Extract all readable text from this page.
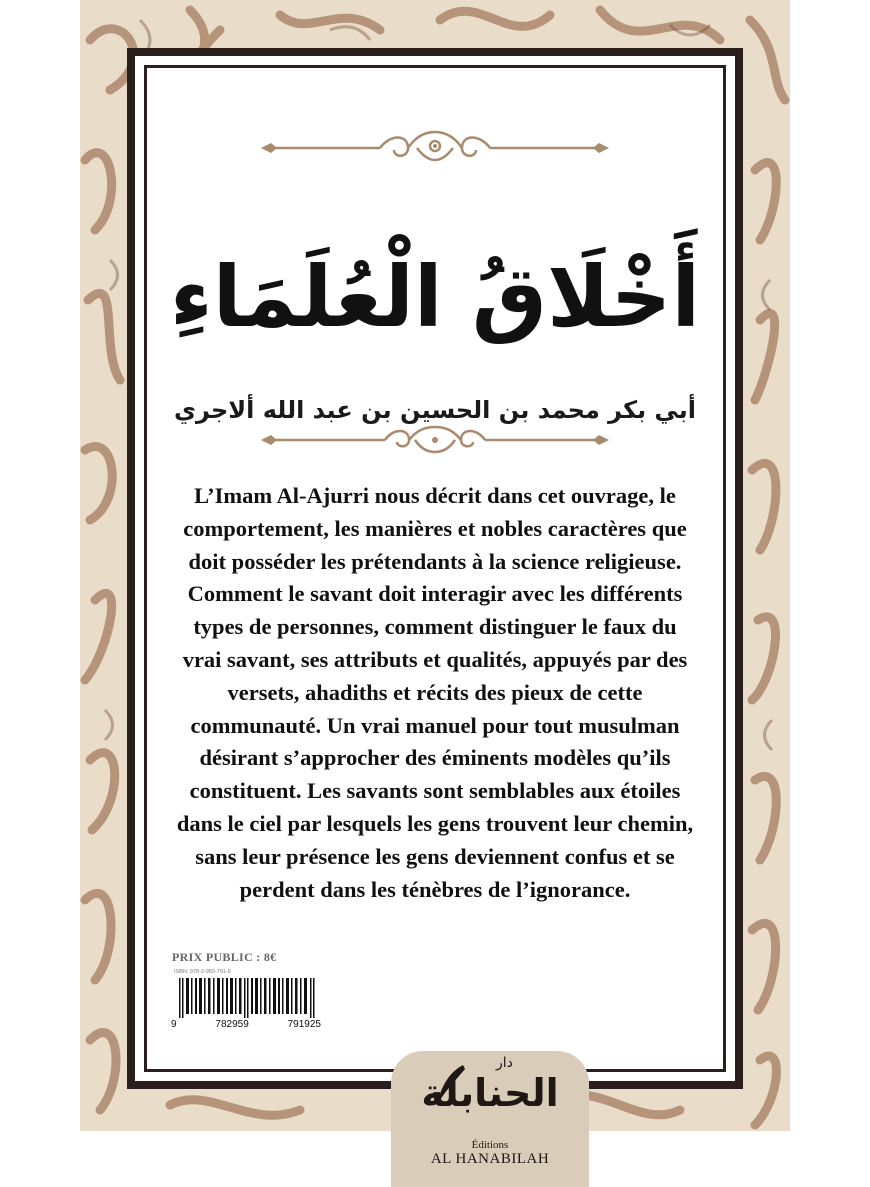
أَخْلَاقُ الْعُلَمَاءِ
أبي بكر محمد بن الحسين بن عبد الله ألاجري
L’Imam Al-Ajurri nous décrit dans cet ouvrage, le comportement, les manières et nobles caractères que doit posséder les prétendants à la science religieuse. Comment le savant doit interagir avec les différents types de personnes, comment distinguer le faux du vrai savant, ses attributs et qualités, appuyés par des versets, ahadiths et récits des pieux de cette communauté. Un vrai manuel pour tout musulman désirant s’approcher des éminents modèles qu’ils constituent. Les savants sont semblables aux étoiles dans le ciel par lesquels les gens trouvent leur chemin, sans leur présence les gens deviennent confus et se perdent dans les ténèbres de l’ignorance.
PRIX PUBLIC : 8€
ISBN: 978-2-959-791-9
9	782959	791925
دار
الحنابلة
Éditions
AL HANABILAH
